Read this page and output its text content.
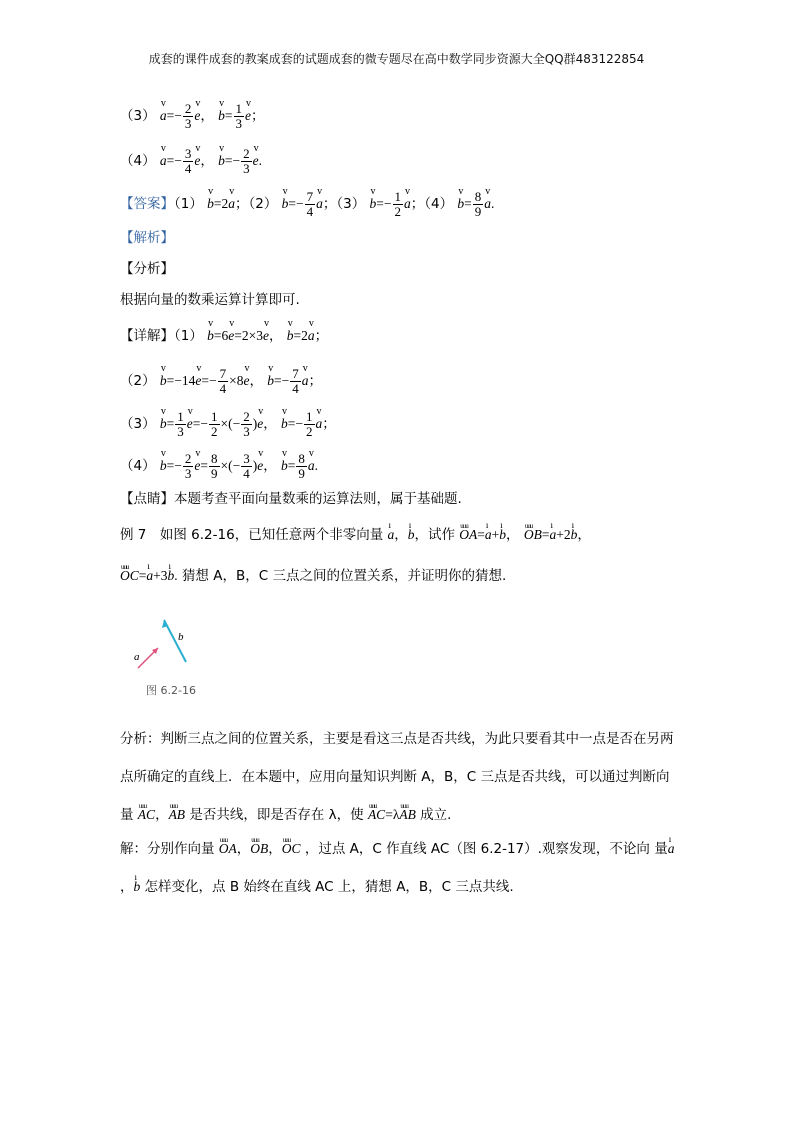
成套的课件成套的教案成套的试题成套的微专题尽在高中数学同步资源大全QQ群483122854
（3） v $a=- \frac{2}{3}$ v e， v $b= \frac{1}{3}$ v e；
（4） v $a=- \frac{3}{4}$ v e， v $b=- \frac{2}{3}$ v e.
【答案】（1） v b=2v a；（2） v $b=- \frac{7}{4}$ v a；（3） v $b=- \frac{1}{2}$ v a；（4） v $b= \frac{8}{9}$ v a.
【解析】
【分析】
根据向量的数乘运算计算即可.
【详解】（1） v b=6v e=2×3v e， v b=2v a；
（2） v b=−14v $e=- \frac{7}{4} \times 8v$ e， v $b=- \frac{7}{4}$ v a；
（3） v $b= \frac{1}{3}$ v $e=- \frac{1}{2}$ ×(− $\frac{2}{3} )v$ e， v $b=- \frac{1}{2}$ v a；
（4） v $b=- \frac{2}{3}$ v $e= \frac{8}{9}$ ×(− $\frac{3}{4} )v$ e， v $b= \frac{8}{9}$ v a.
【点睛】本题考查平面向量数乘的运算法则，属于基础题.
例 7　如图 6.2-16，已知任意两个非零向量 ı a，ı b，试作 uuu OA=ı a+ı b， uuu OB=ı a+2ı b，
uuu OC=ı a+3ı b. 猜想 A，B，C 三点之间的位置关系，并证明你的猜想.
a
b
图 6.2-16
分析：判断三点之间的位置关系，主要是看这三点是否共线，为此只要看其中一点是否在另两点所确定的直线上．在本题中，应用向量知识判断 A，B，C 三点是否共线，可以通过判断向量 uuu AC，uuu AB 是否共线，即是否存在 λ，使 uuu AC=λuuu AB 成立.
解：分别作向量 uuu OA，uuu OB，uuu OC ，过点 A，C 作直线 AC（图 6.2-17）.观察发现，不论向 量ı a，ı b 怎样变化，点 B 始终在直线 AC 上，猜想 A，B，C 三点共线.
